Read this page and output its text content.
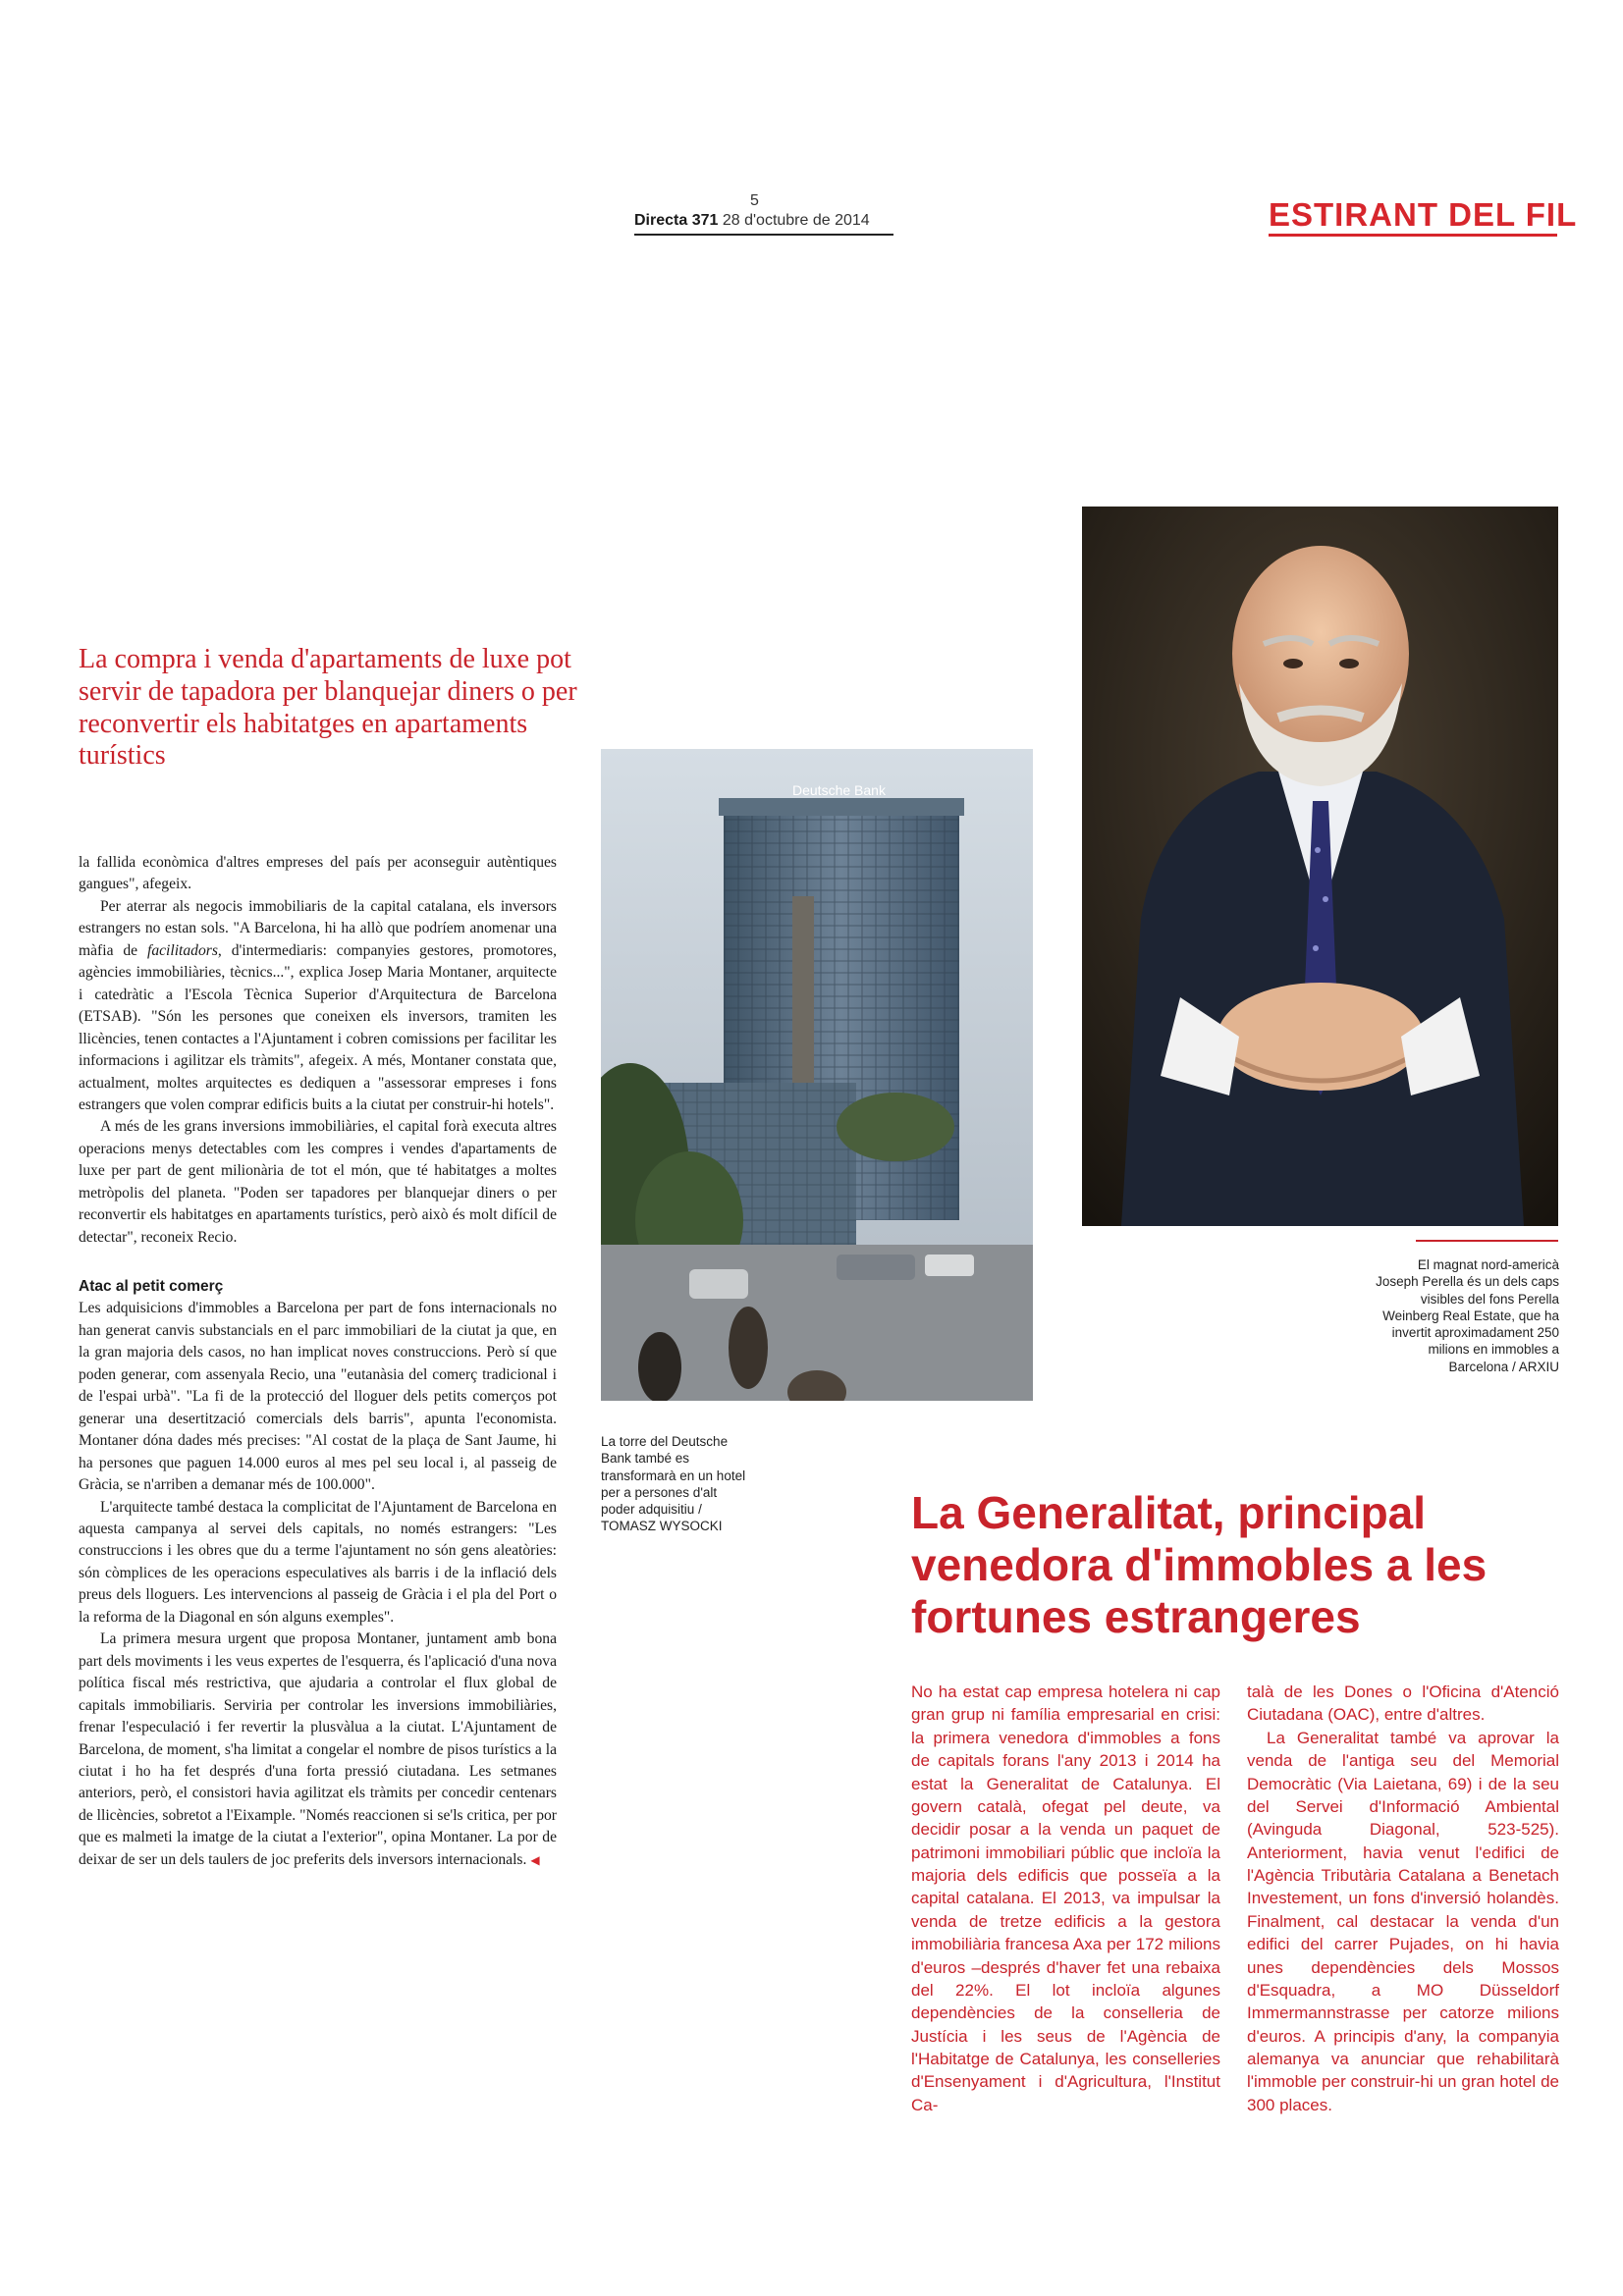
5
Directa 371 28 d'octubre de 2014	ESTIRANT DEL FIL
La compra i venda d'apartaments de luxe pot servir de tapadora per blanquejar diners o per reconvertir els habitatges en apartaments turístics

la fallida econòmica d'altres empreses del país per aconseguir autèntiques gangues", afegeix.

Per aterrar als negocis immobiliaris de la capital catalana, els inversors estrangers no estan sols. "A Barcelona, hi ha allò que podríem anomenar una màfia de facilitadors, d'intermediaris: companyies gestores, promotores, agències immobiliàries, tècnics...", explica Josep Maria Montaner, arquitecte i catedràtic a l'Escola Tècnica Superior d'Arquitectura de Barcelona (ETSAB). "Són les persones que coneixen els inversors, tramiten les llicències, tenen contactes a l'Ajuntament i cobren comissions per facilitar les informacions i agilitzar els tràmits", afegeix. A més, Montaner constata que, actualment, moltes arquitectes es dediquen a "assessorar empreses i fons estrangers que volen comprar edificis buits a la ciutat per construir-hi hotels".

A més de les grans inversions immobiliàries, el capital forà executa altres operacions menys detectables com les compres i vendes d'apartaments de luxe per part de gent milionària de tot el món, que té habitatges a moltes metròpolis del planeta. "Poden ser tapadores per blanquejar diners o per reconvertir els habitatges en apartaments turístics, però això és molt difícil de detectar", reconeix Recio.

Atac al petit comerç

Les adquisicions d'immobles a Barcelona per part de fons internacionals no han generat canvis substancials en el parc immobiliari de la ciutat ja que, en la gran majoria dels casos, no han implicat noves construccions. Però sí que poden generar, com assenyala Recio, una "eutanàsia del comerç tradicional i de l'espai urbà". "La fi de la protecció del lloguer dels petits comerços pot generar una desertització comercials dels barris", apunta l'economista. Montaner dóna dades més precises: "Al costat de la plaça de Sant Jaume, hi ha persones que paguen 14.000 euros al mes pel seu local i, al passeig de Gràcia, se n'arriben a demanar més de 100.000".

L'arquitecte també destaca la complicitat de l'Ajuntament de Barcelona en aquesta campanya al servei dels capitals, no només estrangers: "Les construccions i les obres que du a terme l'ajuntament no són gens aleatòries: són còmplices de les operacions especulatives als barris i de la inflació dels preus dels lloguers. Les intervencions al passeig de Gràcia i el pla del Port o la reforma de la Diagonal en són alguns exemples".

La primera mesura urgent que proposa Montaner, juntament amb bona part dels moviments i les veus expertes de l'esquerra, és l'aplicació d'una nova política fiscal més restrictiva, que ajudaria a controlar el flux global de capitals immobiliaris. Serviria per controlar les inversions immobiliàries, frenar l'especulació i fer revertir la plusvàlua a la ciutat. L'Ajuntament de Barcelona, de moment, s'ha limitat a congelar el nombre de pisos turístics a la ciutat i ho ha fet després d'una forta pressió ciutadana. Les setmanes anteriors, però, el consistori havia agilitzat els tràmits per concedir centenars de llicències, sobretot a l'Eixample. "Només reaccionen si se'ls critica, per por que es malmeti la imatge de la ciutat a l'exterior", opina Montaner. La por de deixar de ser un dels taulers de joc preferits dels inversors internacionals. ◀

Deutsche Bank
La torre del Deutsche Bank també es transformarà en un hotel per a persones d'alt poder adquisitiu / TOMASZ WYSOCKI
El magnat nord-americà Joseph Perella és un dels caps visibles del fons Perella Weinberg Real Estate, que ha invertit aproximadament 250 milions en immobles a Barcelona / ARXIU
La Generalitat, principal venedora d'immobles a les fortunes estrangeres

No ha estat cap empresa hotelera ni cap gran grup ni família empresarial en crisi: la primera venedora d'immobles a fons de capitals forans l'any 2013 i 2014 ha estat la Generalitat de Catalunya. El govern català, ofegat pel deute, va decidir posar a la venda un paquet de patrimoni immobiliari públic que incloïa la majoria dels edificis que posseïa a la capital catalana. El 2013, va impulsar la venda de tretze edificis a la gestora immobiliària francesa Axa per 172 milions d'euros –després d'haver fet una rebaixa del 22%. El lot incloïa algunes dependències de la conselleria de Justícia i les seus de l'Agència de l'Habitatge de Catalunya, les conselleries d'Ensenyament i d'Agricultura, l'Institut Ca-

talà de les Dones o l'Oficina d'Atenció Ciutadana (OAC), entre d'altres.

La Generalitat també va aprovar la venda de l'antiga seu del Memorial Democràtic (Via Laietana, 69) i de la seu del Servei d'Informació Ambiental (Avinguda Diagonal, 523-525). Anteriorment, havia venut l'edifici de l'Agència Tributària Catalana a Benetach Investement, un fons d'inversió holandès. Finalment, cal destacar la venda d'un edifici del carrer Pujades, on hi havia unes dependències dels Mossos d'Esquadra, a MO Düsseldorf Immermannstrasse per catorze milions d'euros. A principis d'any, la companyia alemanya va anunciar que rehabilitarà l'immoble per construir-hi un gran hotel de 300 places.
